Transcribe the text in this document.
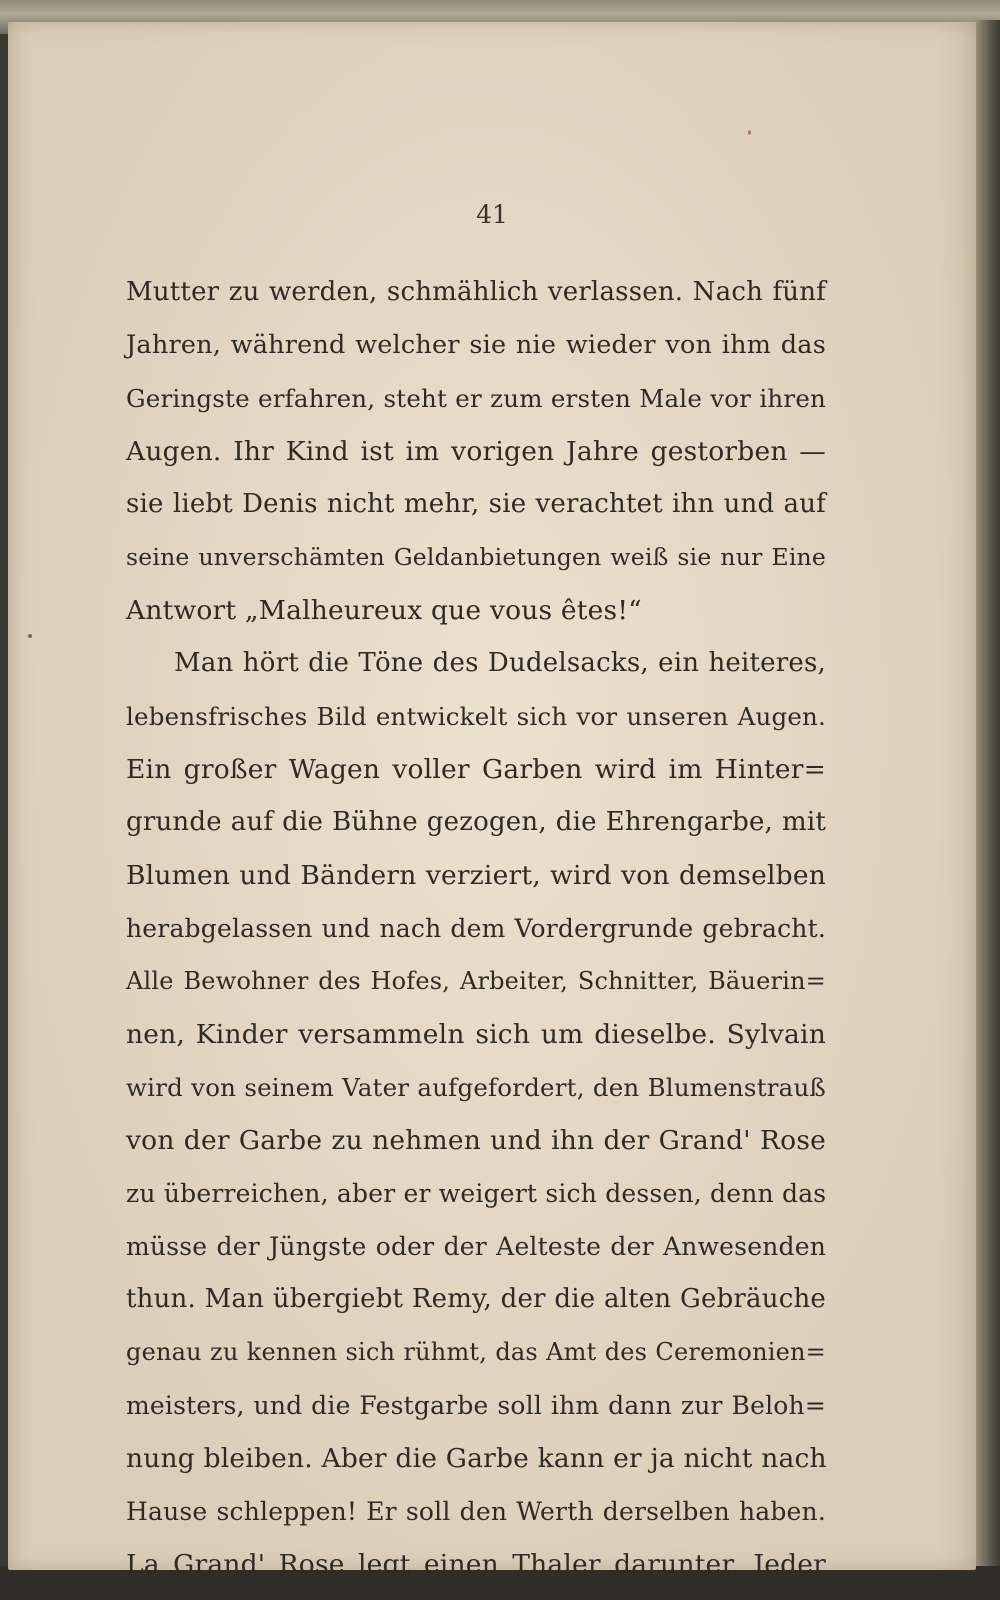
41
Mutter zu werden, schmählich verlassen. Nach fünf
Jahren, während welcher sie nie wieder von ihm das
Geringste erfahren, steht er zum ersten Male vor ihren
Augen. Ihr Kind ist im vorigen Jahre gestorben —
sie liebt Denis nicht mehr, sie verachtet ihn und auf
seine unverschämten Geldanbietungen weiß sie nur Eine
Antwort „Malheureux que vous êtes!“
Man hört die Töne des Dudelsacks, ein heiteres,
lebensfrisches Bild entwickelt sich vor unseren Augen.
Ein großer Wagen voller Garben wird im Hinter=
grunde auf die Bühne gezogen, die Ehrengarbe, mit
Blumen und Bändern verziert, wird von demselben
herabgelassen und nach dem Vordergrunde gebracht.
Alle Bewohner des Hofes, Arbeiter, Schnitter, Bäuerin=
nen, Kinder versammeln sich um dieselbe. Sylvain
wird von seinem Vater aufgefordert, den Blumenstrauß
von der Garbe zu nehmen und ihn der Grand' Rose
zu überreichen, aber er weigert sich dessen, denn das
müsse der Jüngste oder der Aelteste der Anwesenden
thun. Man übergiebt Remy, der die alten Gebräuche
genau zu kennen sich rühmt, das Amt des Ceremonien=
meisters, und die Festgarbe soll ihm dann zur Beloh=
nung bleiben. Aber die Garbe kann er ja nicht nach
Hause schleppen! Er soll den Werth derselben haben.
La Grand' Rose legt einen Thaler darunter, Jeder
